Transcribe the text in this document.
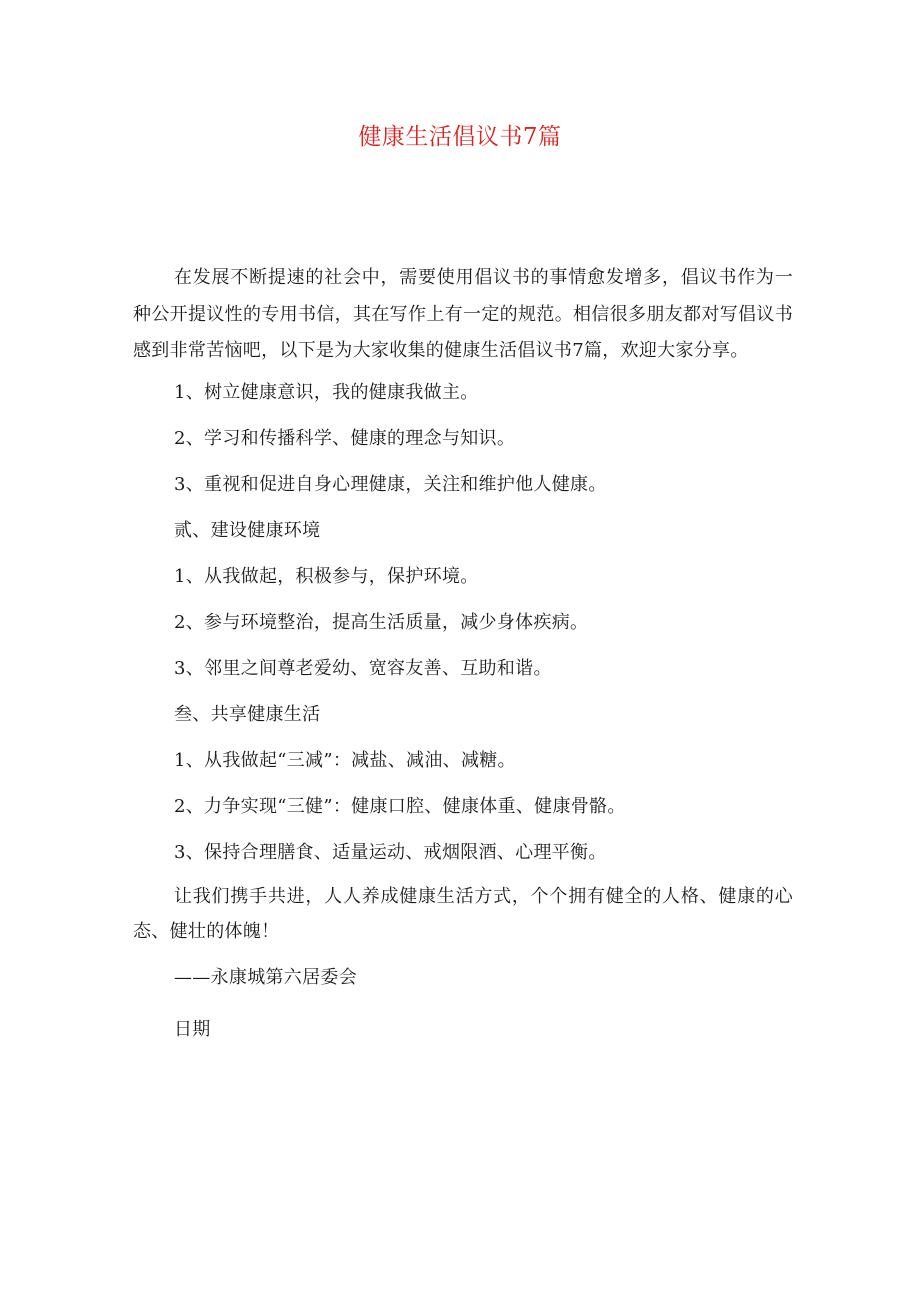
健康生活倡议书7篇

在发展不断提速的社会中，需要使用倡议书的事情愈发增多，倡议书作为一种公开提议性的专用书信，其在写作上有一定的规范。相信很多朋友都对写倡议书感到非常苦恼吧，以下是为大家收集的健康生活倡议书7篇，欢迎大家分享。

1、树立健康意识，我的健康我做主。

2、学习和传播科学、健康的理念与知识。

3、重视和促进自身心理健康，关注和维护他人健康。

贰、建设健康环境

1、从我做起，积极参与，保护环境。

2、参与环境整治，提高生活质量，减少身体疾病。

3、邻里之间尊老爱幼、宽容友善、互助和谐。

叁、共享健康生活

1、从我做起“三减”：减盐、减油、减糖。

2、力争实现“三健”：健康口腔、健康体重、健康骨骼。

3、保持合理膳食、适量运动、戒烟限酒、心理平衡。

让我们携手共进，人人养成健康生活方式，个个拥有健全的人格、健康的心态、健壮的体魄！

——永康城第六居委会

日期
